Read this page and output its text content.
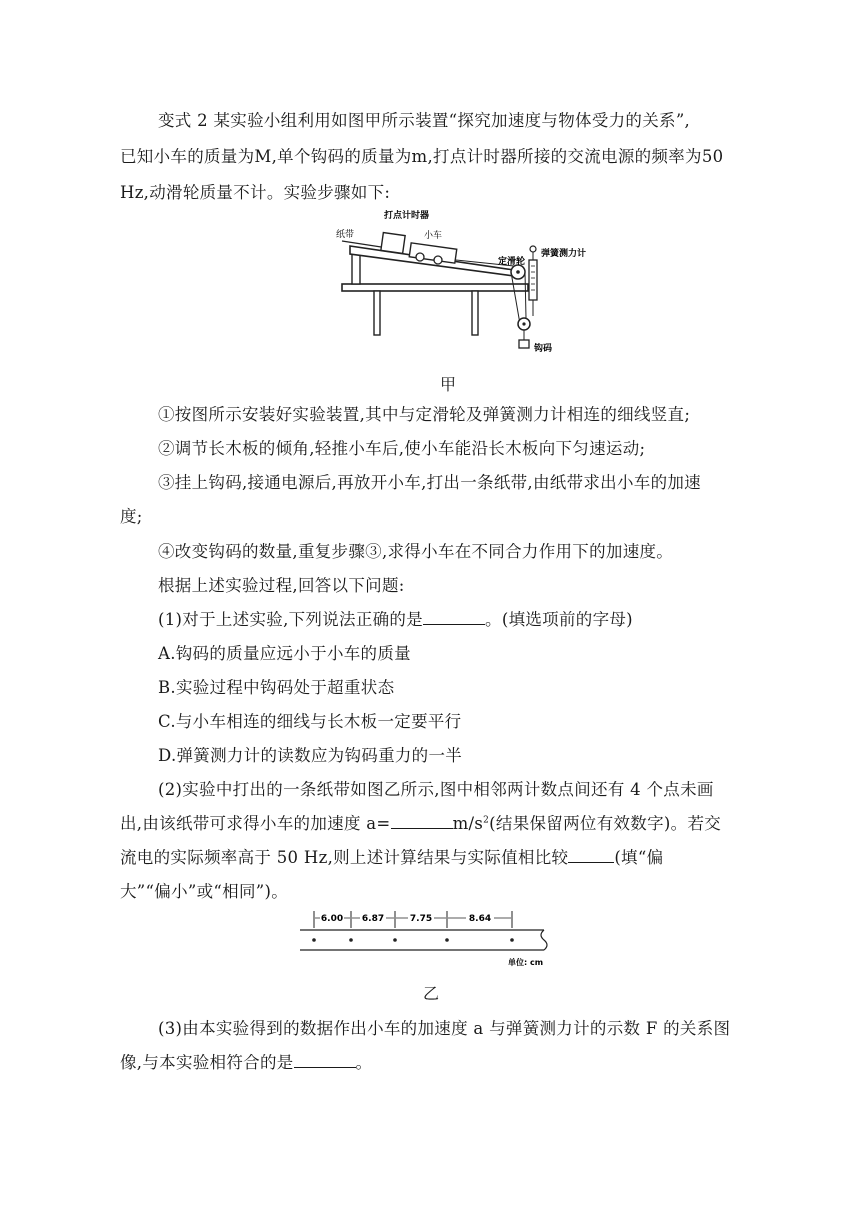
变式 2 某实验小组利用如图甲所示装置“探究加速度与物体受力的关系”,
已知小车的质量为M,单个钩码的质量为m,打点计时器所接的交流电源的频率为50
Hz,动滑轮质量不计。实验步骤如下:
纸带
打点计时器
小车
定滑轮
弹簧测力计
钩码
甲
①按图所示安装好实验装置,其中与定滑轮及弹簧测力计相连的细线竖直;
②调节长木板的倾角,轻推小车后,使小车能沿长木板向下匀速运动;
③挂上钩码,接通电源后,再放开小车,打出一条纸带,由纸带求出小车的加速
度;
④改变钩码的数量,重复步骤③,求得小车在不同合力作用下的加速度。
根据上述实验过程,回答以下问题:
(1)对于上述实验,下列说法正确的是	。(填选项前的字母)
A.钩码的质量应远小于小车的质量
B.实验过程中钩码处于超重状态
C.与小车相连的细线与长木板一定要平行
D.弹簧测力计的读数应为钩码重力的一半
(2)实验中打出的一条纸带如图乙所示,图中相邻两计数点间还有 4 个点未画
出,由该纸带可求得小车的加速度 a=	$m/s^2$(结果保留两位有效数字)。若交
流电的实际频率高于 50 Hz,则上述计算结果与实际值相比较	(填“偏
大”“偏小”或“相同”)。
6.00 6.87	7.75	8.64
单位: cm
乙
(3)由本实验得到的数据作出小车的加速度 a 与弹簧测力计的示数 F 的关系图
像,与本实验相符合的是	。
